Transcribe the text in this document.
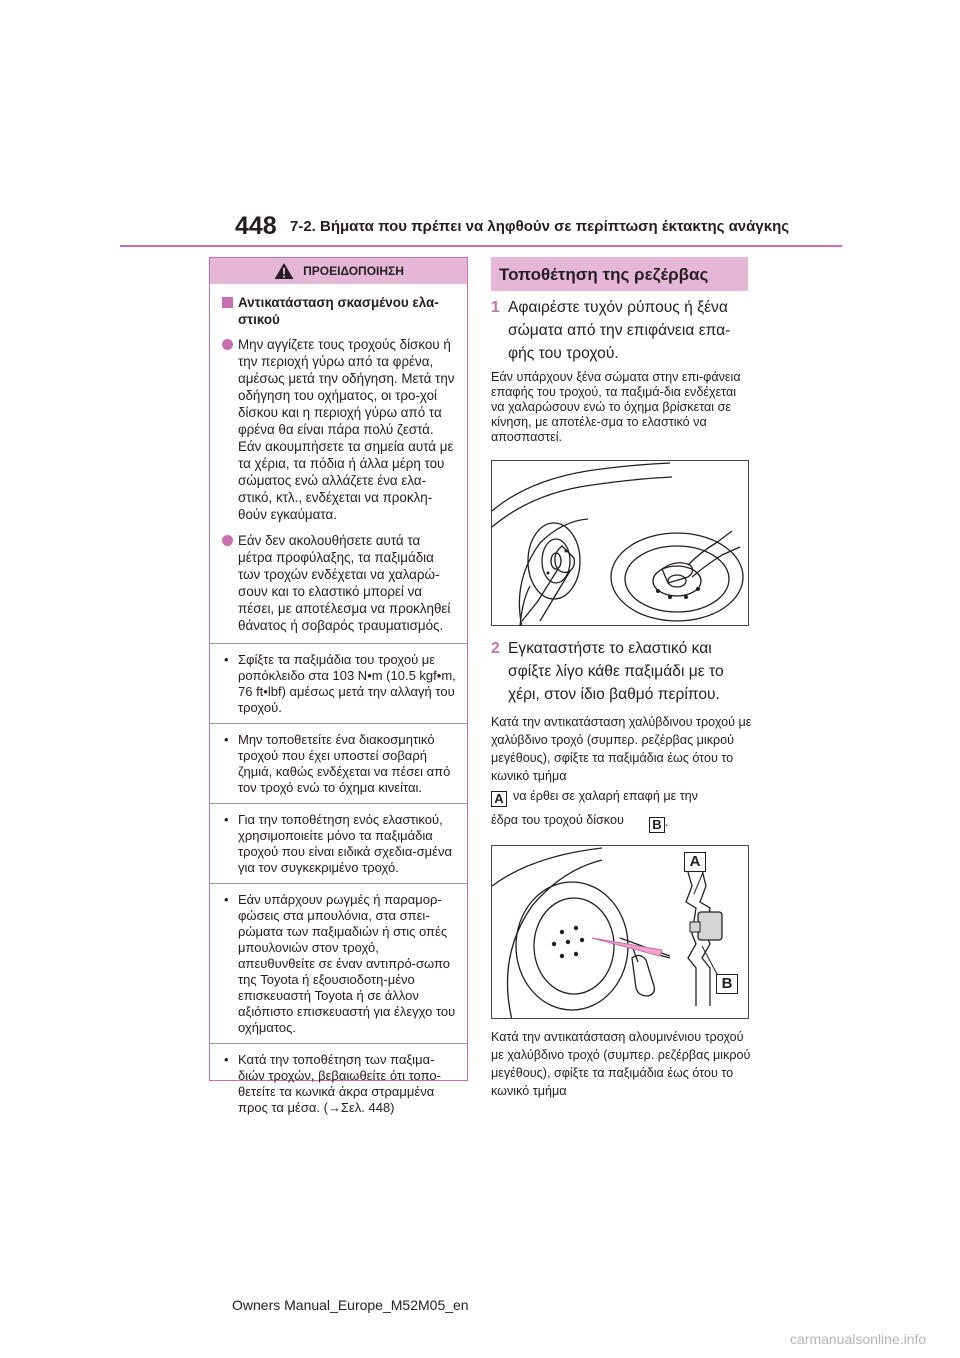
448 7-2. Βήματα που πρέπει να ληφθούν σε περίπτωση έκτακτης ανάγκης
ΠΡΟΕΙΔΟΠΟΙΗΣΗ
Αντικατάσταση σκασμένου ελα-στικού
Μην αγγίζετε τους τροχούς δίσκου ή την περιοχή γύρω από τα φρένα, αμέσως μετά την οδήγηση. Μετά την οδήγηση του οχήματος, οι τρο-χοί δίσκου και η περιοχή γύρω από τα φρένα θα είναι πάρα πολύ ζεστά. Εάν ακουμπήσετε τα σημεία αυτά με τα χέρια, τα πόδια ή άλλα μέρη του σώματος ενώ αλλάζετε ένα ελα-στικό, κτλ., ενδέχεται να προκλη-θούν εγκαύματα.
Εάν δεν ακολουθήσετε αυτά τα μέτρα προφύλαξης, τα παξιμάδια των τροχών ενδέχεται να χαλαρώ-σουν και το ελαστικό μπορεί να πέσει, με αποτέλεσμα να προκληθεί θάνατος ή σοβαρός τραυματισμός.
• Σφίξτε τα παξιμάδια του τροχού με ροπόκλειδο στα 103 N•m (10.5 kgf•m, 76 ft•lbf) αμέσως μετά την αλλαγή του τροχού.
• Μην τοποθετείτε ένα διακοσμητικό τροχού που έχει υποστεί σοβαρή ζημιά, καθώς ενδέχεται να πέσει από τον τροχό ενώ το όχημα κινείται.
• Για την τοποθέτηση ενός ελαστικού, χρησιμοποιείτε μόνο τα παξιμάδια τροχού που είναι ειδικά σχεδια-σμένα για τον συγκεκριμένο τροχό.
• Εάν υπάρχουν ρωγμές ή παραμορ-φώσεις στα μπουλόνια, στα σπει-ρώματα των παξιμαδιών ή στις οπές μπουλονιών στον τροχό, απευθυνθείτε σε έναν αντιπρό-σωπο της Toyota ή εξουσιοδοτη-μένο επισκευαστή Toyota ή σε άλλον αξιόπιστο επισκευαστή για έλεγχο του οχήματος.
• Κατά την τοποθέτηση των παξιμα-διών τροχών, βεβαιωθείτε ότι τοπο-θετείτε τα κωνικά άκρα στραμμένα προς τα μέσα. (→Σελ. 448)
Τοποθέτηση της ρεζέρβας
1 Αφαιρέστε τυχόν ρύπους ή ξένα σώματα από την επιφάνεια επα-φής του τροχού.
Εάν υπάρχουν ξένα σώματα στην επι-φάνεια επαφής του τροχού, τα παξιμά-δια ενδέχεται να χαλαρώσουν ενώ το όχημα βρίσκεται σε κίνηση, με αποτέλε-σμα το ελαστικό να αποσπαστεί.
2 Εγκαταστήστε το ελαστικό και σφίξτε λίγο κάθε παξιμάδι με το χέρι, στον ίδιο βαθμό περίπου.
Κατά την αντικατάσταση χαλύβδινου τροχού με χαλύβδινο τροχό (συμπερ. ρεζέρβας μικρού μεγέθους), σφίξτε τα παξιμάδια έως ότου το κωνικό τμήμα
A να έρθει σε χαλαρή επαφή με την
έδρα του τροχού δίσκου B .
A
B
Κατά την αντικατάσταση αλουμινένιου τροχού με χαλύβδινο τροχό (συμπερ. ρεζέρβας μικρού μεγέθους), σφίξτε τα παξιμάδια έως ότου το κωνικό τμήμα
Owners Manual_Europe_M52M05_en
carmanualsonline.info
